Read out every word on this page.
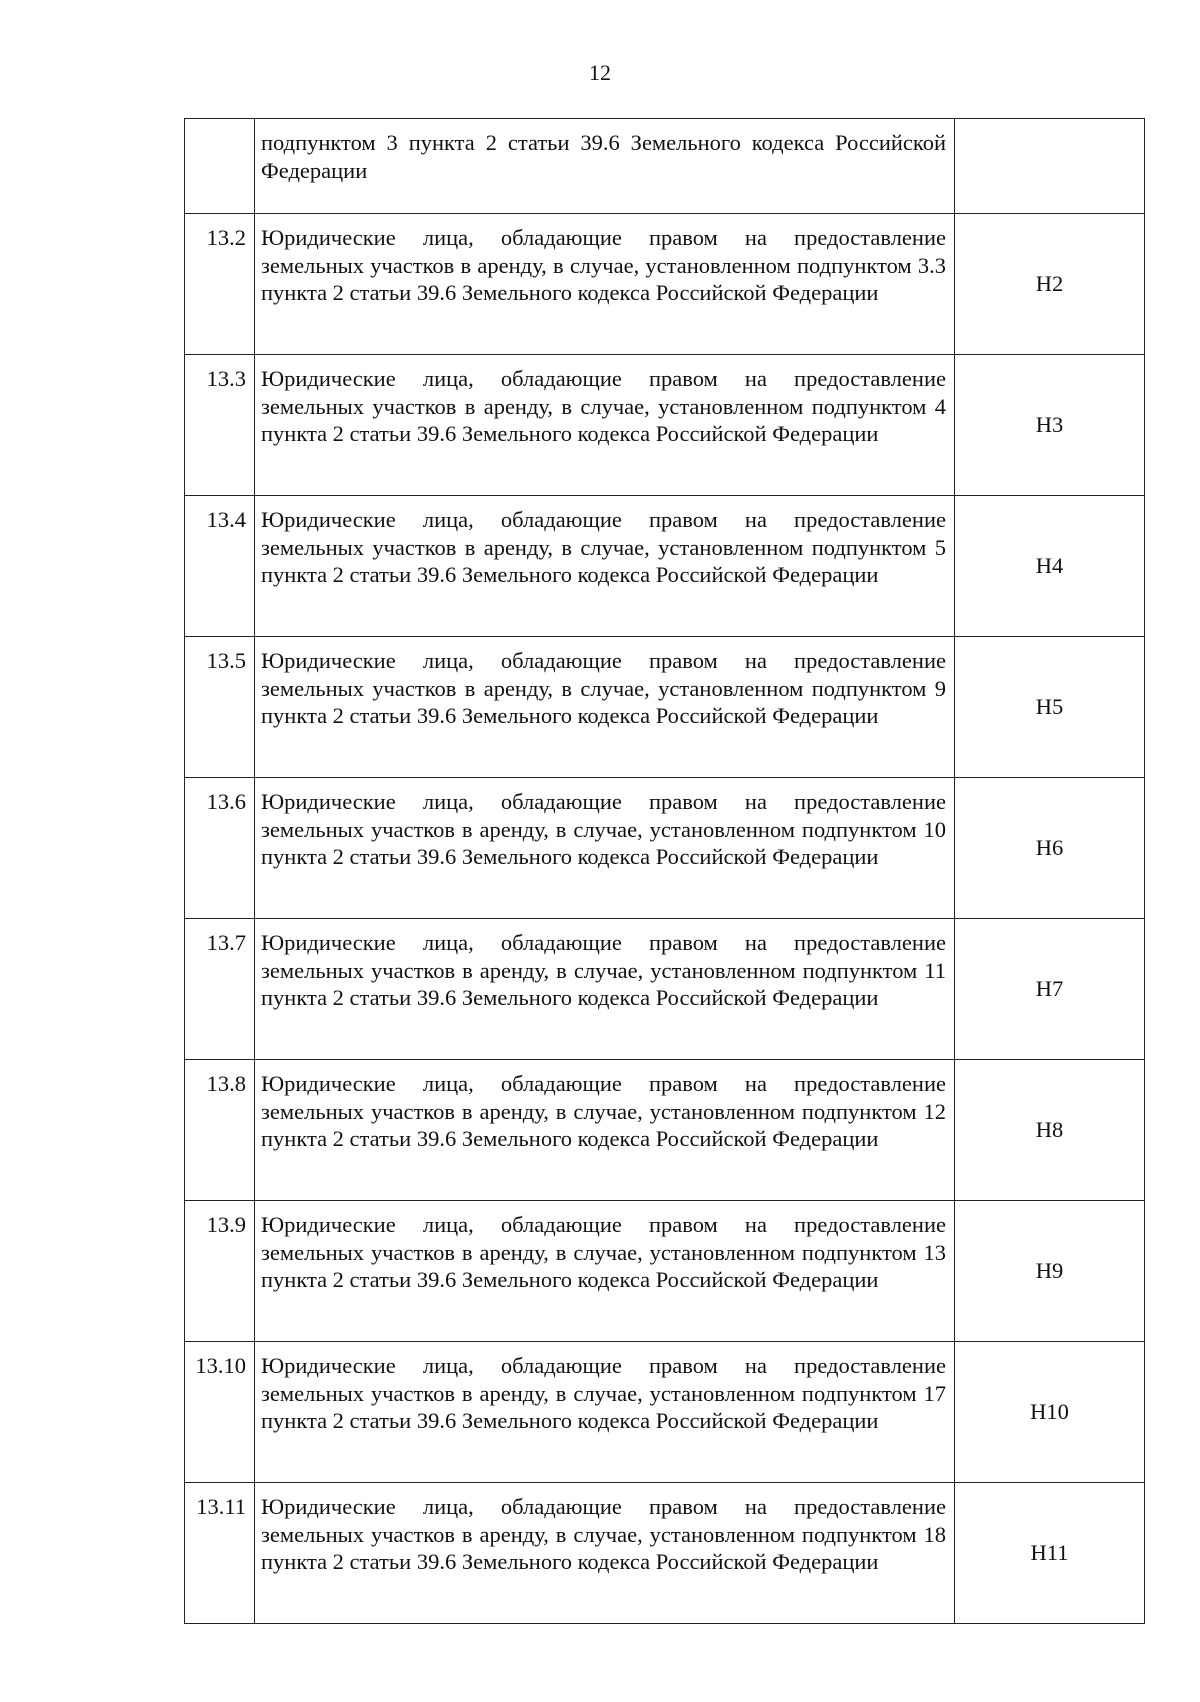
12
	подпунктом 3 пункта 2 статьи 39.6 Земельного кодекса Российской Федерации	
13.2	Юридические лица, обладающие правом на предоставление земельных участков в аренду, в случае, установленном подпунктом 3.3 пункта 2 статьи 39.6 Земельного кодекса Российской Федерации	Н2
13.3	Юридические лица, обладающие правом на предоставление земельных участков в аренду, в случае, установленном подпунктом 4 пункта 2 статьи 39.6 Земельного кодекса Российской Федерации	Н3
13.4	Юридические лица, обладающие правом на предоставление земельных участков в аренду, в случае, установленном подпунктом 5 пункта 2 статьи 39.6 Земельного кодекса Российской Федерации	Н4
13.5	Юридические лица, обладающие правом на предоставление земельных участков в аренду, в случае, установленном подпунктом 9 пункта 2 статьи 39.6 Земельного кодекса Российской Федерации	Н5
13.6	Юридические лица, обладающие правом на предоставление земельных участков в аренду, в случае, установленном подпунктом 10 пункта 2 статьи 39.6 Земельного кодекса Российской Федерации	Н6
13.7	Юридические лица, обладающие правом на предоставление земельных участков в аренду, в случае, установленном подпунктом 11 пункта 2 статьи 39.6 Земельного кодекса Российской Федерации	Н7
13.8	Юридические лица, обладающие правом на предоставление земельных участков в аренду, в случае, установленном подпунктом 12 пункта 2 статьи 39.6 Земельного кодекса Российской Федерации	Н8
13.9	Юридические лица, обладающие правом на предоставление земельных участков в аренду, в случае, установленном подпунктом 13 пункта 2 статьи 39.6 Земельного кодекса Российской Федерации	Н9
13.10	Юридические лица, обладающие правом на предоставление земельных участков в аренду, в случае, установленном подпунктом 17 пункта 2 статьи 39.6 Земельного кодекса Российской Федерации	Н10
13.11	Юридические лица, обладающие правом на предоставление земельных участков в аренду, в случае, установленном подпунктом 18 пункта 2 статьи 39.6 Земельного кодекса Российской Федерации	Н11
